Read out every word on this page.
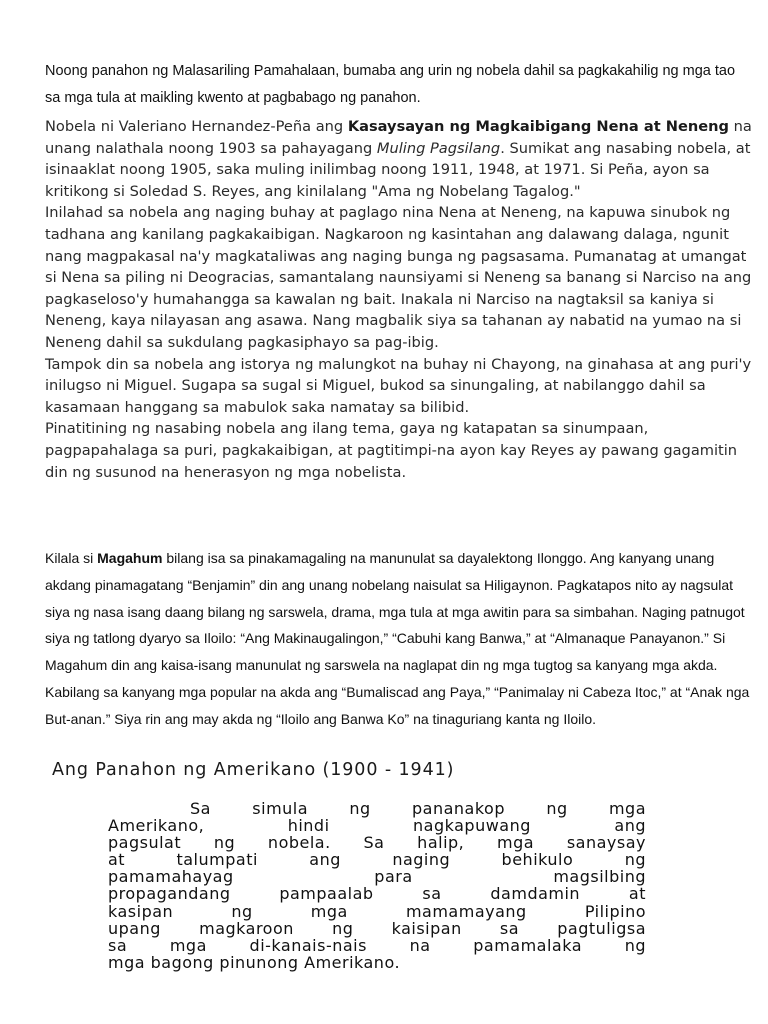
Noong panahon ng Malasariling Pamahalaan, bumaba ang urin ng nobela dahil sa pagkakahilig ng mga tao sa mga tula at maikling kwento at pagbabago ng panahon.

Nobela ni Valeriano Hernandez-Peña ang Kasaysayan ng Magkaibigang Nena at Neneng na unang nalathala noong 1903 sa pahayagang Muling Pagsilang. Sumikat ang nasabing nobela, at isinaaklat noong 1905, saka muling inilimbag noong 1911, 1948, at 1971. Si Peña, ayon sa kritikong si Soledad S. Reyes, ang kinilalang "Ama ng Nobelang Tagalog."
Inilahad sa nobela ang naging buhay at paglago nina Nena at Neneng, na kapuwa sinubok ng tadhana ang kanilang pagkakaibigan. Nagkaroon ng kasintahan ang dalawang dalaga, ngunit nang magpakasal na'y magkataliwas ang naging bunga ng pagsasama. Pumanatag at umangat si Nena sa piling ni Deogracias, samantalang naunsiyami si Neneng sa banang si Narciso na ang pagkaseloso'y humahangga sa kawalan ng bait. Inakala ni Narciso na nagtaksil sa kaniya si Neneng, kaya nilayasan ang asawa. Nang magbalik siya sa tahanan ay nabatid na yumao na si Neneng dahil sa sukdulang pagkasiphayo sa pag-ibig.
Tampok din sa nobela ang istorya ng malungkot na buhay ni Chayong, na ginahasa at ang puri'y inilugso ni Miguel. Sugapa sa sugal si Miguel, bukod sa sinungaling, at nabilanggo dahil sa kasamaan hanggang sa mabulok saka namatay sa bilibid.
Pinatitining ng nasabing nobela ang ilang tema, gaya ng katapatan sa sinumpaan, pagpapahalaga sa puri, pagkakaibigan, at pagtitimpi-na ayon kay Reyes ay pawang gagamitin din ng susunod na henerasyon ng mga nobelista.

Kilala si Magahum bilang isa sa pinakamagaling na manunulat sa dayalektong Ilonggo. Ang kanyang unang akdang pinamagatang “Benjamin” din ang unang nobelang naisulat sa Hiligaynon. Pagkatapos nito ay nagsulat siya ng nasa isang daang bilang ng sarswela, drama, mga tula at mga awitin para sa simbahan. Naging patnugot siya ng tatlong dyaryo sa Iloilo: “Ang Makinaugalingon,” “Cabuhi kang Banwa,” at “Almanaque Panayanon.” Si Magahum din ang kaisa-isang manunulat ng sarswela na naglapat din ng mga tugtog sa kanyang mga akda. Kabilang sa kanyang mga popular na akda ang “Bumaliscad ang Paya,” “Panimalay ni Cabeza Itoc,” at “Anak nga But-anan.” Siya rin ang may akda ng “Iloilo ang Banwa Ko” na tinaguriang kanta ng Iloilo.

Ang Panahon ng Amerikano (1900 - 1941)
Sa simula ng pananakop ng mga
Amerikano, hindi nagkapuwang ang
pagsulat ng nobela. Sa halip, mga sanaysay
at talumpati ang naging behikulo ng
pamamahayag para magsilbing
propagandang pampaalab sa damdamin at
kasipan ng mga mamamayang Pilipino
upang magkaroon ng kaisipan sa pagtuligsa
sa mga di-kanais-nais na pamamalaka ng
mga bagong pinunong Amerikano.
